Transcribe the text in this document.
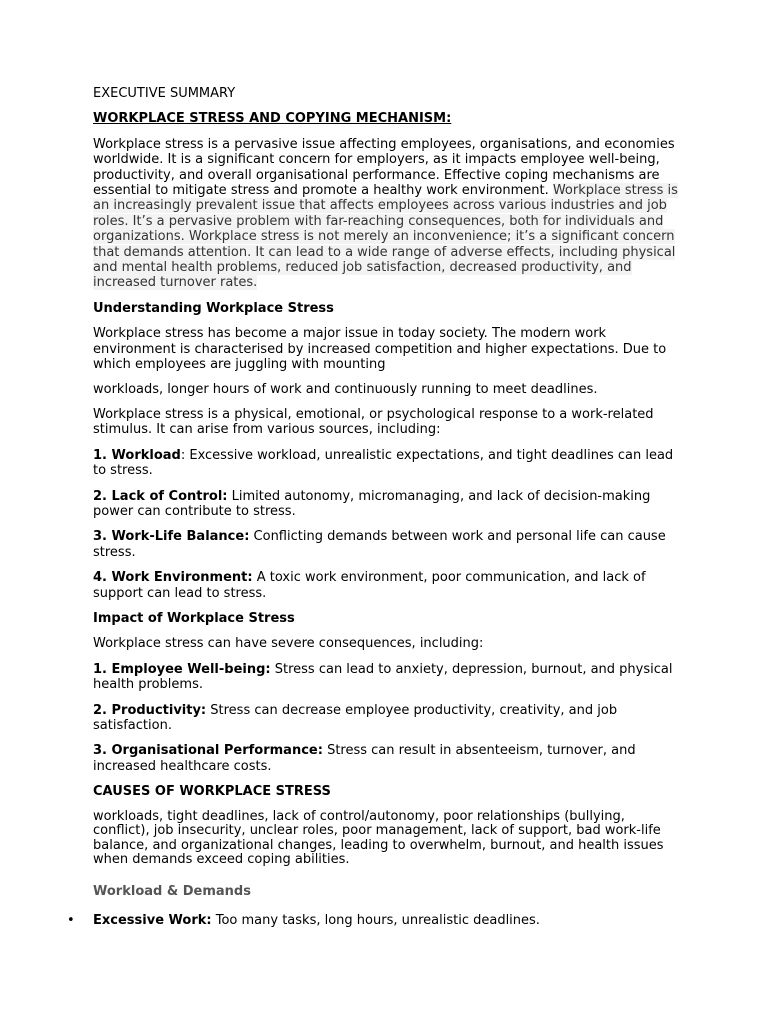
EXECUTIVE SUMMARY

WORKPLACE STRESS AND COPYING MECHANISM:

Workplace stress is a pervasive issue affecting employees, organisations, and economies worldwide. It is a significant concern for employers, as it impacts employee well-being, productivity, and overall organisational performance. Effective coping mechanisms are essential to mitigate stress and promote a healthy work environment. Workplace stress is an increasingly prevalent issue that affects employees across various industries and job roles. It’s a pervasive problem with far-reaching consequences, both for individuals and organizations. Workplace stress is not merely an inconvenience; it’s a significant concern that demands attention. It can lead to a wide range of adverse effects, including physical and mental health problems, reduced job satisfaction, decreased productivity, and increased turnover rates.

Understanding Workplace Stress

Workplace stress has become a major issue in today society. The modern work environment is characterised by increased competition and higher expectations. Due to which employees are juggling with mounting

workloads, longer hours of work and continuously running to meet deadlines.

Workplace stress is a physical, emotional, or psychological response to a work-related stimulus. It can arise from various sources, including:

1. Workload: Excessive workload, unrealistic expectations, and tight deadlines can lead to stress.

2. Lack of Control: Limited autonomy, micromanaging, and lack of decision-making power can contribute to stress.

3. Work-Life Balance: Conflicting demands between work and personal life can cause stress.

4. Work Environment: A toxic work environment, poor communication, and lack of support can lead to stress.

Impact of Workplace Stress

Workplace stress can have severe consequences, including:

1. Employee Well-being: Stress can lead to anxiety, depression, burnout, and physical health problems.

2. Productivity: Stress can decrease employee productivity, creativity, and job satisfaction.

3. Organisational Performance: Stress can result in absenteeism, turnover, and increased healthcare costs.

CAUSES OF WORKPLACE STRESS

workloads, tight deadlines, lack of control/autonomy, poor relationships (bullying, conflict), job insecurity, unclear roles, poor management, lack of support, bad work-life balance, and organizational changes, leading to overwhelm, burnout, and health issues when demands exceed coping abilities.

Workload & Demands

• Excessive Work: Too many tasks, long hours, unrealistic deadlines.
